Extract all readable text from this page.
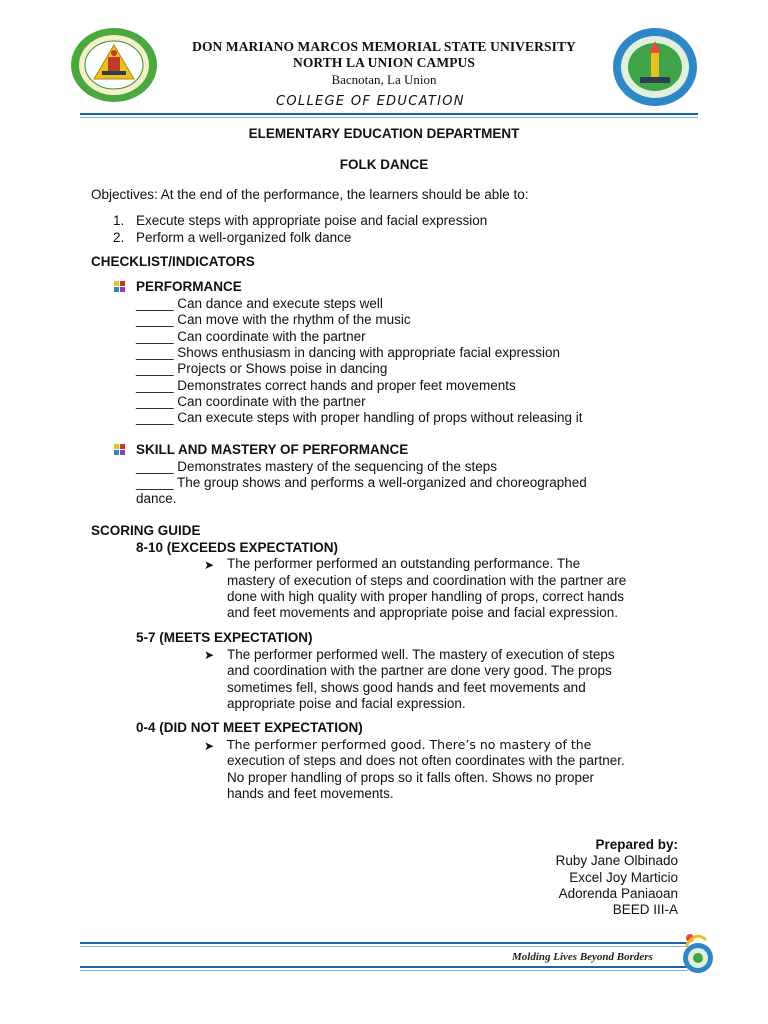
DON MARIANO MARCOS MEMORIAL STATE UNIVERSITY
NORTH LA UNION CAMPUS
Bacnotan, La Union
COLLEGE OF EDUCATION
ELEMENTARY EDUCATION DEPARTMENT
FOLK DANCE
Objectives: At the end of the performance, the learners should be able to:
1. Execute steps with appropriate poise and facial expression
2. Perform a well-organized folk dance
CHECKLIST/INDICATORS
PERFORMANCE
_____ Can dance and execute steps well
_____ Can move with the rhythm of the music
_____ Can coordinate with the partner
_____ Shows enthusiasm in dancing with appropriate facial expression
_____ Projects or Shows poise in dancing
_____ Demonstrates correct hands and proper feet movements
_____ Can coordinate with the partner
_____ Can execute steps with proper handling of props without releasing it
SKILL AND MASTERY OF PERFORMANCE
_____ Demonstrates mastery of the sequencing of the steps
_____ The group shows and performs a well-organized and choreographed
dance.
SCORING GUIDE
8-10 (EXCEEDS EXPECTATION)
➤ The performer performed an outstanding performance. The
mastery of execution of steps and coordination with the partner are
done with high quality with proper handling of props, correct hands
and feet movements and appropriate poise and facial expression.
5-7 (MEETS EXPECTATION)
➤ The performer performed well. The mastery of execution of steps
and coordination with the partner are done very good. The props
sometimes fell, shows good hands and feet movements and
appropriate poise and facial expression.
0-4 (DID NOT MEET EXPECTATION)
➤ The performer performed good. There’s no mastery of the
execution of steps and does not often coordinates with the partner.
No proper handling of props so it falls often. Shows no proper
hands and feet movements.
Prepared by:
Ruby Jane Olbinado
Excel Joy Marticio
Adorenda Paniaoan
BEED III-A
Molding Lives Beyond Borders
